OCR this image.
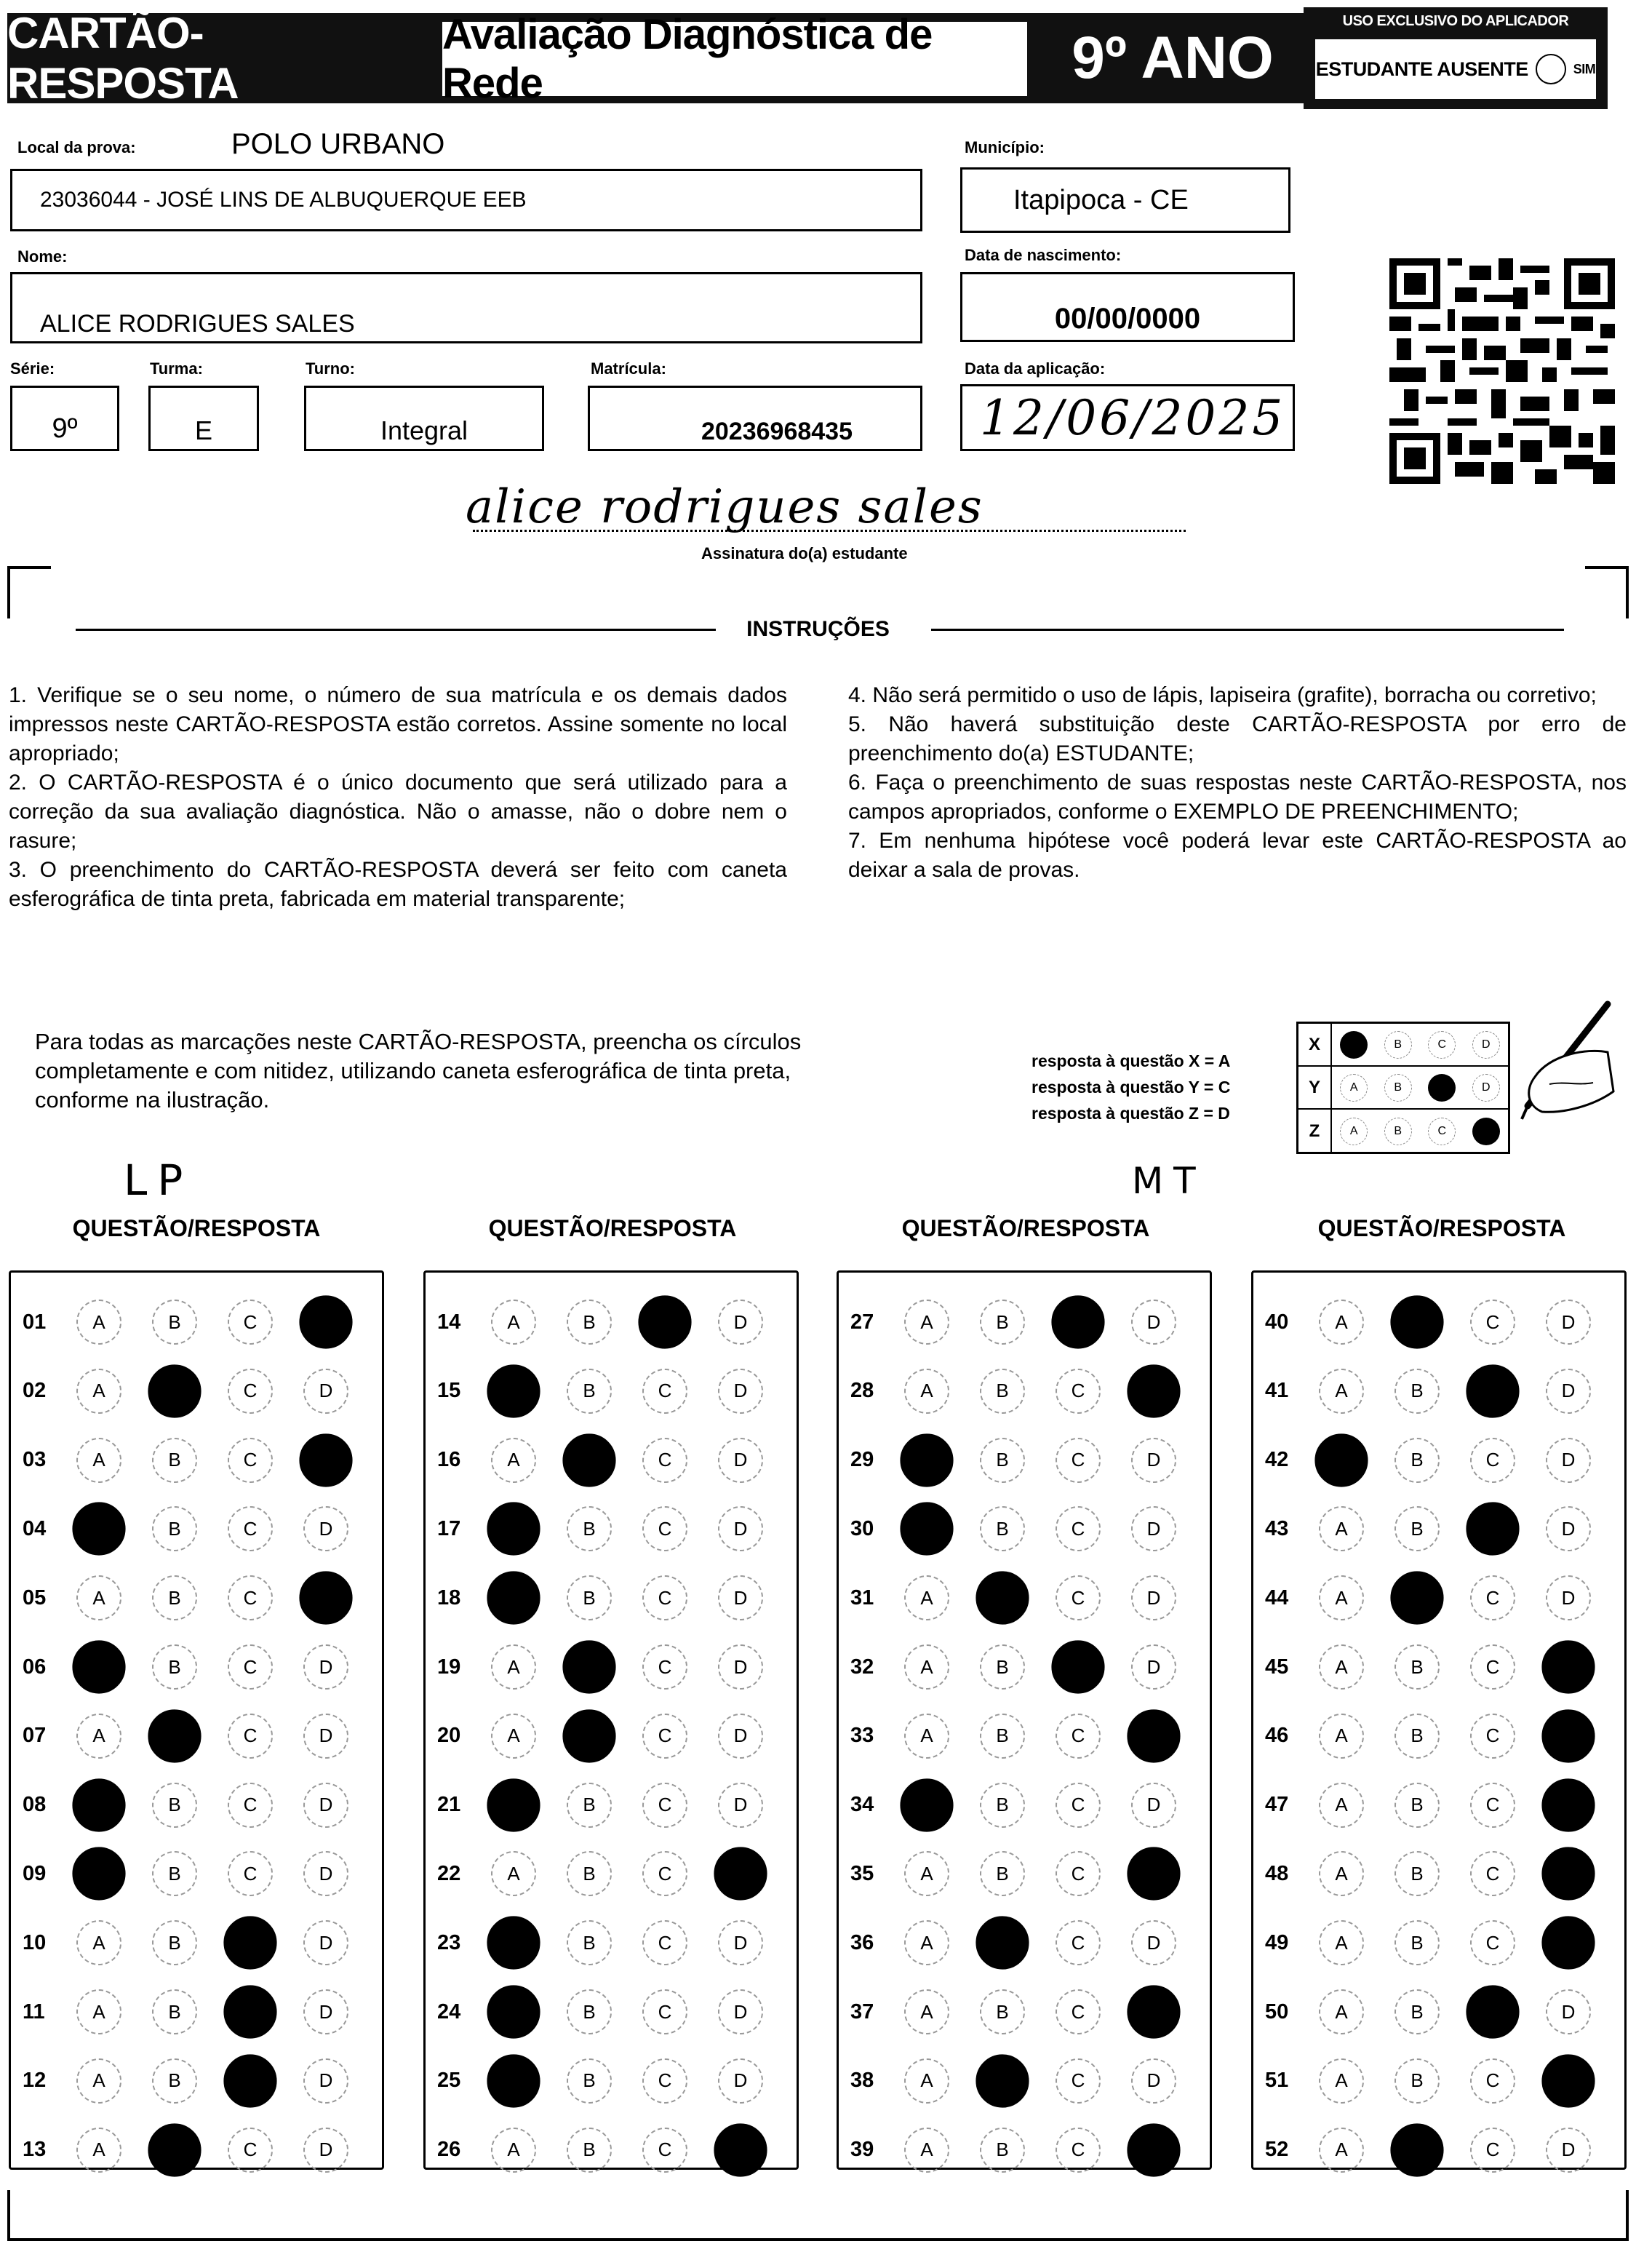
CARTÃO-RESPOSTA
Avaliação Diagnóstica de Rede	9º ANO
USO EXCLUSIVO DO APLICADOR
ESTUDANTE AUSENTE	SIM
Local da prova:	POLO URBANO
23036044 - JOSÉ LINS DE ALBUQUERQUE EEB
Município:
Itapipoca - CE
Nome:
ALICE RODRIGUES SALES
Data de nascimento:
00/00/0000
Série:
9º
Turma:
E
Turno:
Integral
Matrícula:
20236968435
Data da aplicação:
12/06/2025
alice rodrigues sales
Assinatura do(a) estudante
INSTRUÇÕES
1. Verifique se o seu nome, o número de sua matrícula e os demais dados impressos neste CARTÃO-RESPOSTA estão corretos. Assine somente no local apropriado;
2. O CARTÃO-RESPOSTA é o único documento que será utilizado para a correção da sua avaliação diagnóstica. Não o amasse, não o dobre nem o rasure;
3. O preenchimento do CARTÃO-RESPOSTA deverá ser feito com caneta esferográfica de tinta preta, fabricada em material transparente;
4. Não será permitido o uso de lápis, lapiseira (grafite), borracha ou corretivo;
5. Não haverá substituição deste CARTÃO-RESPOSTA por erro de preenchimento do(a) ESTUDANTE;
6. Faça o preenchimento de suas respostas neste CARTÃO-RESPOSTA, nos campos apropriados, conforme o EXEMPLO DE PREENCHIMENTO;
7. Em nenhuma hipótese você poderá levar este CARTÃO-RESPOSTA ao deixar a sala de provas.
Para todas as marcações neste CARTÃO-RESPOSTA, preencha os círculos completamente e com nitidez, utilizando caneta esferográfica de tinta preta, conforme na ilustração.
resposta à questão X = A
resposta à questão Y = C
resposta à questão Z = D
X	B	C	D
Y	A	B	D
Z	A	B	C
LP	MT
QUESTÃO/RESPOSTA	QUESTÃO/RESPOSTA	QUESTÃO/RESPOSTA	QUESTÃO/RESPOSTA
01	A	B	C	D
02	A	B	C	D
03	A	B	C	D
04	A	B	C	D
05	A	B	C	D
06	A	B	C	D
07	A	B	C	D
08	A	B	C	D
09	A	B	C	D
10	A	B	C	D
11	A	B	C	D
12	A	B	C	D
13	A	B	C	D
14	A	B	C	D
15	A	B	C	D
16	A	B	C	D
17	A	B	C	D
18	A	B	C	D
19	A	B	C	D
20	A	B	C	D
21	A	B	C	D
22	A	B	C	D
23	A	B	C	D
24	A	B	C	D
25	A	B	C	D
26	A	B	C	D
27	A	B	C	D
28	A	B	C	D
29	A	B	C	D
30	A	B	C	D
31	A	B	C	D
32	A	B	C	D
33	A	B	C	D
34	A	B	C	D
35	A	B	C	D
36	A	B	C	D
37	A	B	C	D
38	A	B	C	D
39	A	B	C	D
40	A	B	C	D
41	A	B	C	D
42	A	B	C	D
43	A	B	C	D
44	A	B	C	D
45	A	B	C	D
46	A	B	C	D
47	A	B	C	D
48	A	B	C	D
49	A	B	C	D
50	A	B	C	D
51	A	B	C	D
52	A	B	C	D
